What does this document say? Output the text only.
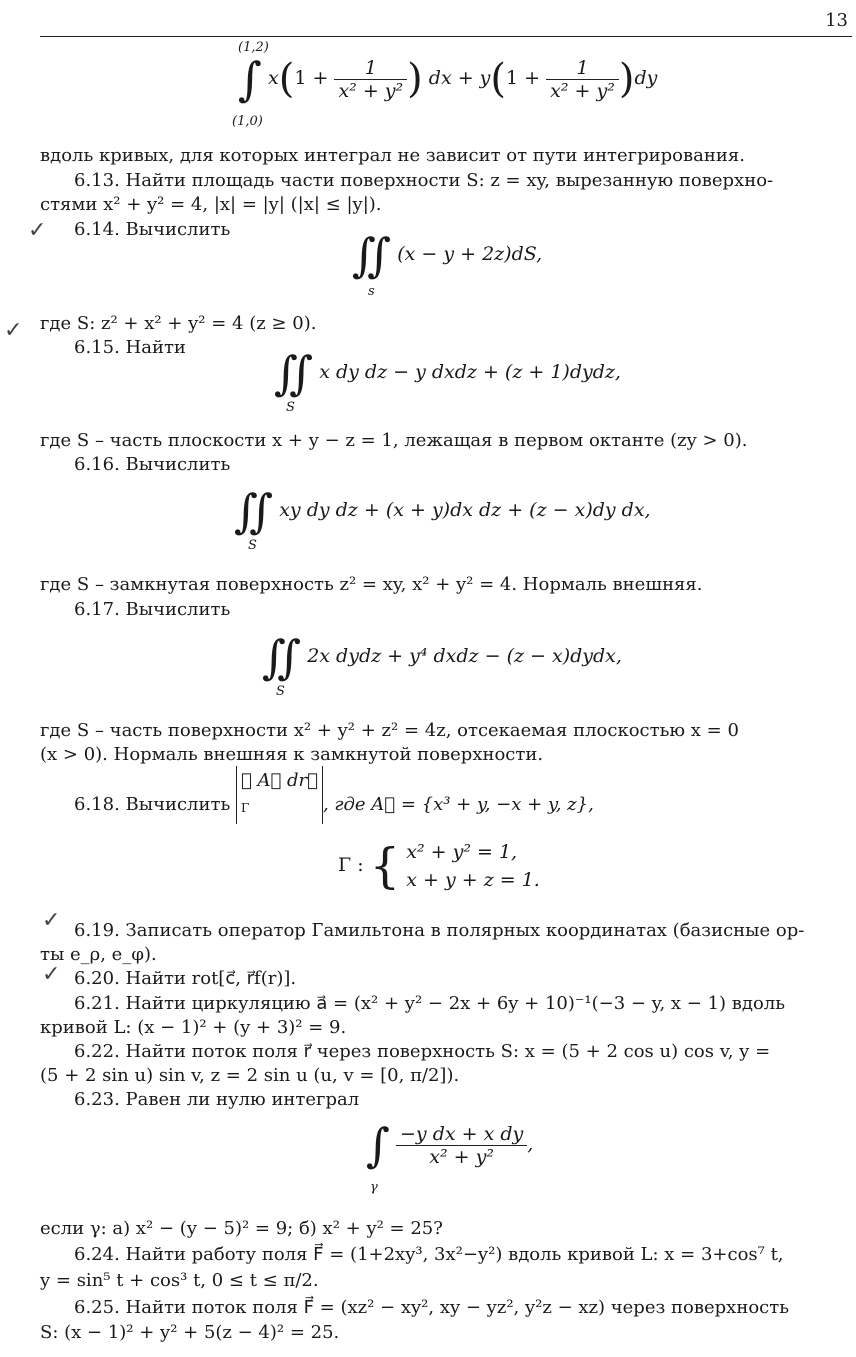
13
(1,2)
∫ $x(1 + \frac{1}{\text{x² + y²}}$ ) dx + $y(1 + \frac{1}{\text{x² + y²}} )dy$
(1,0)
вдоль кривых, для которых интеграл не зависит от пути интегрирования.
6.13. Найти площадь части поверхности S: z = xy, вырезанную поверхно-
стями x² + y² = 4, |x| = |y| (|x| ≤ |y|).
✓ 6.14. Вычислить	∬ (x − y + 2z)dS,
s
✓ где S: z² + x² + y² = 4 (z ≥ 0).
6.15. Найти ∬ x dy dz − y dxdz + (z + 1)dydz,
S
где S – часть плоскости x + y − z = 1, лежащая в первом октанте (zy > 0).
6.16. Вычислить
∬ xy dy dz + (x + y)dx dz + (z − x)dy dx,
S
где S – замкнутая поверхность z² = xy, x² + y² = 4. Нормаль внешняя.
6.17. Вычислить
∬ 2x dydz + y⁴ dxdz − (z − x)dydx,
S
где S – часть поверхности x² + y² + z² = 4z, отсекаемая плоскостью x = 0
(x > 0). Нормаль внешняя к замкнутой поверхности.
6.18. Вычислить ∮ A⃗ dr⃗
Γ	, где A⃗ = {x³ + y, −x + y, z},
Γ : { x² + y² = 1,
x + y + z = 1.
✓ 6.19. Записать оператор Гамильтона в полярных координатах (базисные ор-
ты e_ρ, e_φ).
✓ 6.20. Найти rot[c⃗, r⃗f(r)].
6.21. Найти циркуляцию a⃗ = (x² + y² − 2x + 6y + 10)⁻¹(−3 − y, x − 1) вдоль
кривой L: (x − 1)² + (y + 3)² = 9.
6.22. Найти поток поля r⃗ через поверхность S: x = (5 + 2 cos u) cos v, y =
(5 + 2 sin u) sin v, z = 2 sin u (u, v = [0, π/2]).
6.23. Равен ли нулю интеграл
∫ $\frac{\text{−y dx + x dy}}{\text{x² + y²}}$ ,
γ
если γ: а) x² − (y − 5)² = 9; б) x² + y² = 25?
6.24. Найти работу поля F⃗ = (1+2xy³, 3x²−y²) вдоль кривой L: x = 3+cos⁷ t,
y = sin⁵ t + cos³ t, 0 ≤ t ≤ π/2.
6.25. Найти поток поля F⃗ = (xz² − xy², xy − yz², y²z − xz) через поверхность
S: (x − 1)² + y² + 5(z − 4)² = 25.
